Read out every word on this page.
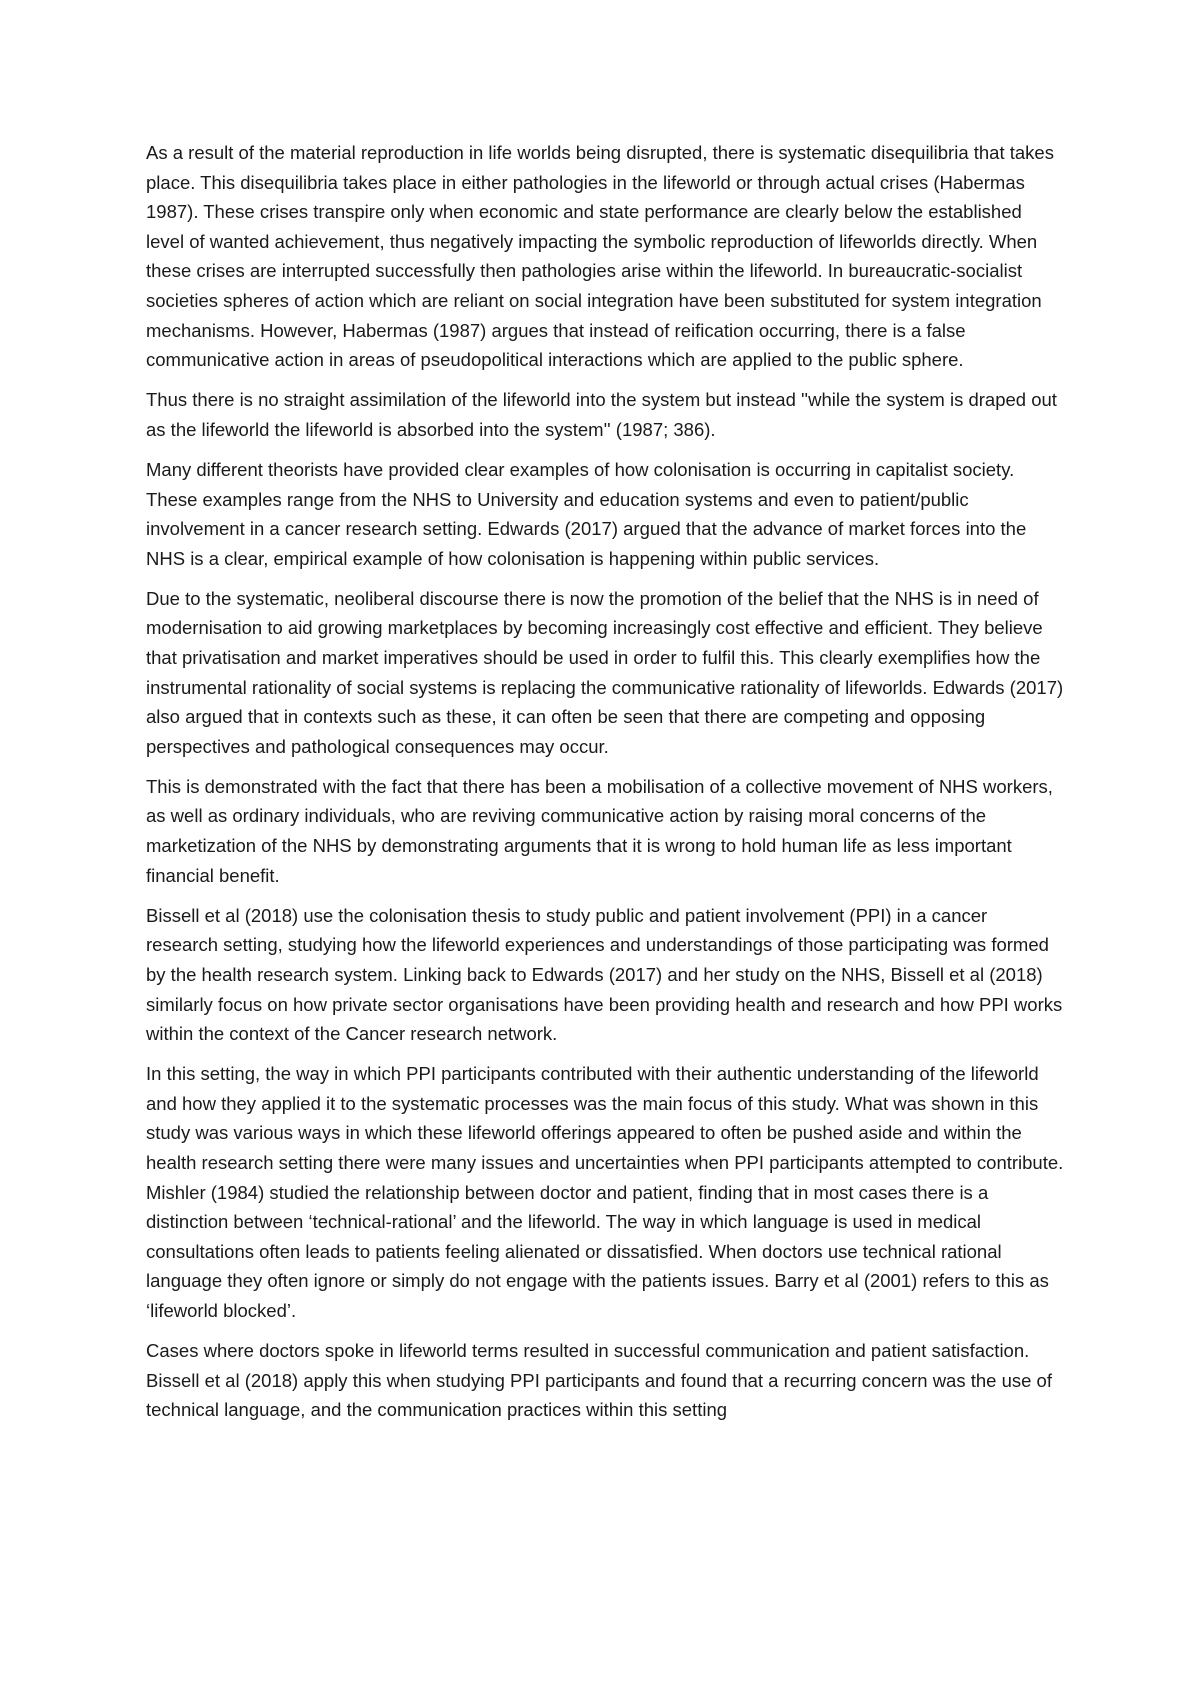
As a result of the material reproduction in life worlds being disrupted, there is systematic disequilibria that takes place. This disequilibria takes place in either pathologies in the lifeworld or through actual crises (Habermas 1987). These crises transpire only when economic and state performance are clearly below the established level of wanted achievement, thus negatively impacting the symbolic reproduction of lifeworlds directly. When these crises are interrupted successfully then pathologies arise within the lifeworld. In bureaucratic-socialist societies spheres of action which are reliant on social integration have been substituted for system integration mechanisms. However, Habermas (1987) argues that instead of reification occurring, there is a false communicative action in areas of pseudopolitical interactions which are applied to the public sphere.

Thus there is no straight assimilation of the lifeworld into the system but instead ''while the system is draped out as the lifeworld the lifeworld is absorbed into the system'' (1987; 386).

Many different theorists have provided clear examples of how colonisation is occurring in capitalist society. These examples range from the NHS to University and education systems and even to patient/public involvement in a cancer research setting. Edwards (2017) argued that the advance of market forces into the NHS is a clear, empirical example of how colonisation is happening within public services.

Due to the systematic, neoliberal discourse there is now the promotion of the belief that the NHS is in need of modernisation to aid growing marketplaces by becoming increasingly cost effective and efficient. They believe that privatisation and market imperatives should be used in order to fulfil this. This clearly exemplifies how the instrumental rationality of social systems is replacing the communicative rationality of lifeworlds. Edwards (2017) also argued that in contexts such as these, it can often be seen that there are competing and opposing perspectives and pathological consequences may occur.

This is demonstrated with the fact that there has been a mobilisation of a collective movement of NHS workers, as well as ordinary individuals, who are reviving communicative action by raising moral concerns of the marketization of the NHS by demonstrating arguments that it is wrong to hold human life as less important financial benefit.

Bissell et al (2018) use the colonisation thesis to study public and patient involvement (PPI) in a cancer research setting, studying how the lifeworld experiences and understandings of those participating was formed by the health research system. Linking back to Edwards (2017) and her study on the NHS, Bissell et al (2018) similarly focus on how private sector organisations have been providing health and research and how PPI works within the context of the Cancer research network.

In this setting, the way in which PPI participants contributed with their authentic understanding of the lifeworld and how they applied it to the systematic processes was the main focus of this study. What was shown in this study was various ways in which these lifeworld offerings appeared to often be pushed aside and within the health research setting there were many issues and uncertainties when PPI participants attempted to contribute. Mishler (1984) studied the relationship between doctor and patient, finding that in most cases there is a distinction between ‘technical-rational’ and the lifeworld. The way in which language is used in medical consultations often leads to patients feeling alienated or dissatisfied. When doctors use technical rational language they often ignore or simply do not engage with the patients issues. Barry et al (2001) refers to this as ‘lifeworld blocked’.

Cases where doctors spoke in lifeworld terms resulted in successful communication and patient satisfaction. Bissell et al (2018) apply this when studying PPI participants and found that a recurring concern was the use of technical language, and the communication practices within this setting
